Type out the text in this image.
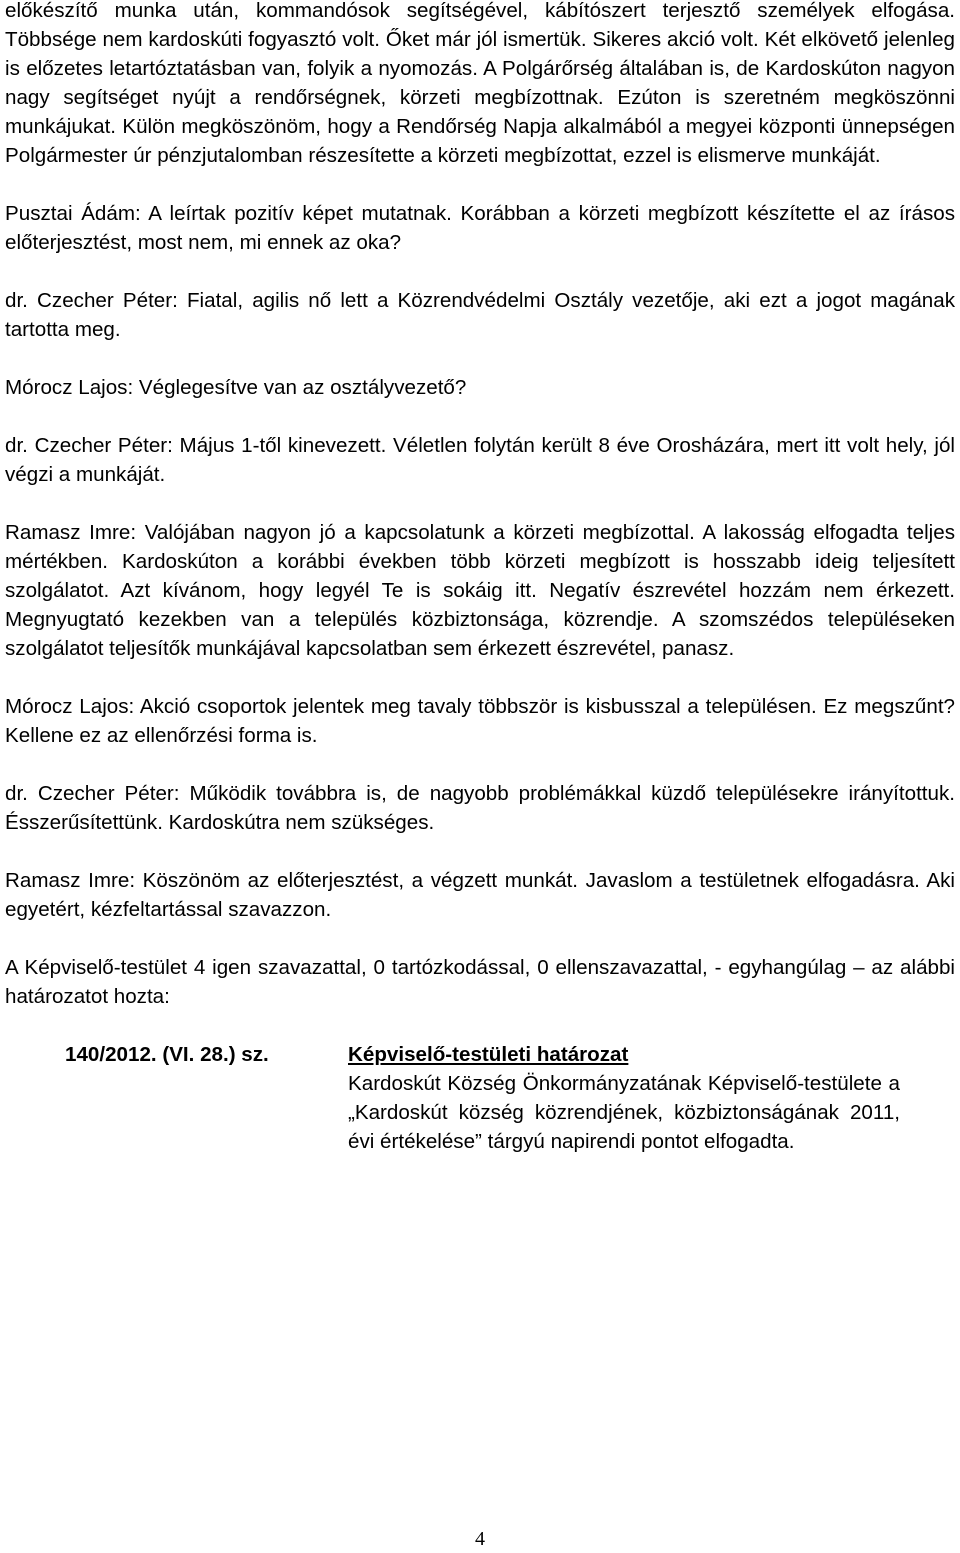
előkészítő munka után, kommandósok segítségével, kábítószert terjesztő személyek elfogása. Többsége nem kardoskúti fogyasztó volt. Őket már jól ismertük. Sikeres akció volt. Két elkövető jelenleg is előzetes letartóztatásban van, folyik a nyomozás. A Polgárőrség általában is, de Kardoskúton nagyon nagy segítséget nyújt a rendőrségnek, körzeti megbízottnak. Ezúton is szeretném megköszönni munkájukat. Külön megköszönöm, hogy a Rendőrség Napja alkalmából a megyei központi ünnepségen Polgármester úr pénzjutalomban részesítette a körzeti megbízottat, ezzel is elismerve munkáját.

Pusztai Ádám: A leírtak pozitív képet mutatnak. Korábban a körzeti megbízott készítette el az írásos előterjesztést, most nem, mi ennek az oka?

dr. Czecher Péter: Fiatal, agilis nő lett a Közrendvédelmi Osztály vezetője, aki ezt a jogot magának tartotta meg.

Mórocz Lajos: Véglegesítve van az osztályvezető?

dr. Czecher Péter: Május 1-től kinevezett. Véletlen folytán került 8 éve Orosházára, mert itt volt hely, jól végzi a munkáját.

Ramasz Imre: Valójában nagyon jó a kapcsolatunk a körzeti megbízottal. A lakosság elfogadta teljes mértékben. Kardoskúton a korábbi években több körzeti megbízott is hosszabb ideig teljesített szolgálatot. Azt kívánom, hogy legyél Te is sokáig itt. Negatív észrevétel hozzám nem érkezett. Megnyugtató kezekben van a település közbiztonsága, közrendje. A szomszédos településeken szolgálatot teljesítők munkájával kapcsolatban sem érkezett észrevétel, panasz.

Mórocz Lajos: Akció csoportok jelentek meg tavaly többször is kisbusszal a településen. Ez megszűnt? Kellene ez az ellenőrzési forma is.

dr. Czecher Péter: Működik továbbra is, de nagyobb problémákkal küzdő településekre irányítottuk. Ésszerűsítettünk. Kardoskútra nem szükséges.

Ramasz Imre: Köszönöm az előterjesztést, a végzett munkát. Javaslom a testületnek elfogadásra. Aki egyetért, kézfeltartással szavazzon.

A Képviselő-testület 4 igen szavazattal, 0 tartózkodással, 0 ellenszavazattal, - egyhangúlag – az alábbi határozatot hozta:

140/2012. (VI. 28.) sz.	Képviselő-testületi határozat
Kardoskút Község Önkormányzatának Képviselő-testülete a „Kardoskút község közrendjének, közbiztonságának 2011, évi értékelése” tárgyú napirendi pontot elfogadta.
4
